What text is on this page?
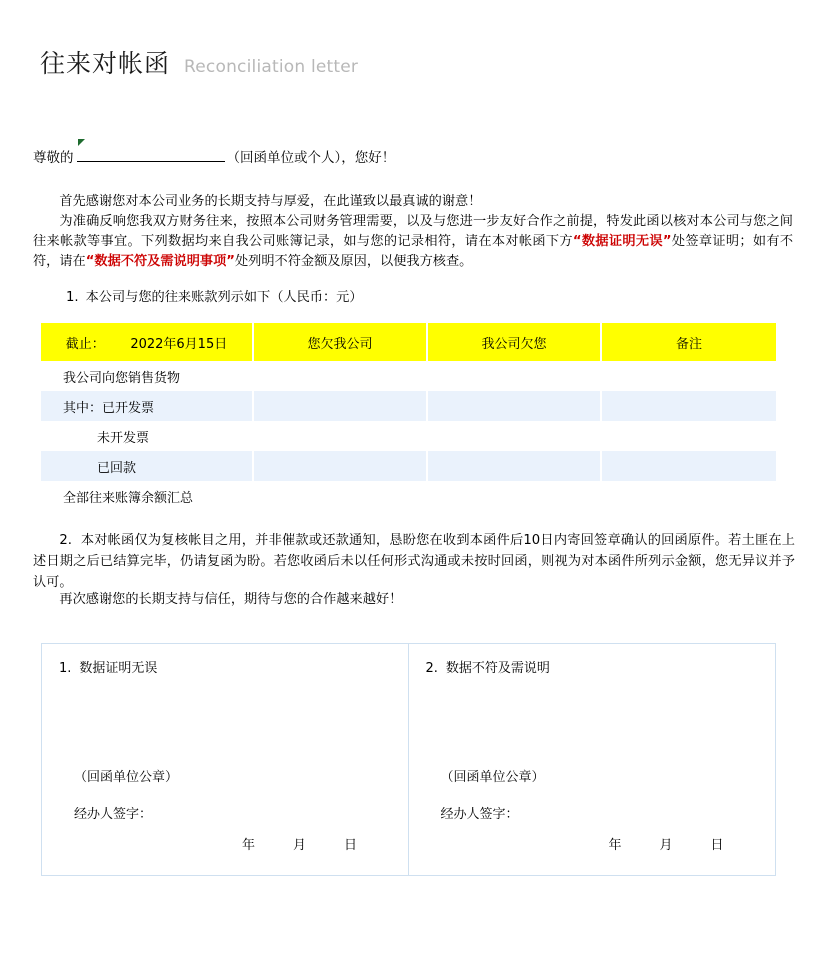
往来对帐函 Reconciliation letter
尊敬的	（回函单位或个人），您好！

首先感谢您对本公司业务的长期支持与厚爱，在此谨致以最真诚的谢意！

为准确反响您我双方财务往来，按照本公司财务管理需要，以及与您进一步友好合作之前提，特发此函以核对本公司与您之间往来帐款等事宜。下列数据均来自我公司账簿记录，如与您的记录相符，请在本对帐函下方“数据证明无误”处签章证明；如有不符，请在“数据不符及需说明事项”处列明不符金额及原因，以便我方核查。

1. 本公司与您的往来账款列示如下（人民币：元）
截止： 2022年6月15日	您欠我公司	我公司欠您	备注
我公司向您销售货物			
其中：已开发票			
未开发票			
已回款			
全部往来账簿余额汇总			

2. 本对帐函仅为复核帐目之用，并非催款或还款通知，恳盼您在收到本函件后10日内寄回签章确认的回函原件。若土匪在上述日期之后已结算完毕，仍请复函为盼。若您收函后未以任何形式沟通或未按时回函，则视为对本函件所列示金额，您无异议并予认可。

再次感谢您的长期支持与信任，期待与您的合作越来越好！
1. 数据证明无误
（回函单位公章）
经办人签字：
年	月	日
2. 数据不符及需说明
（回函单位公章）
经办人签字：
年	月	日
